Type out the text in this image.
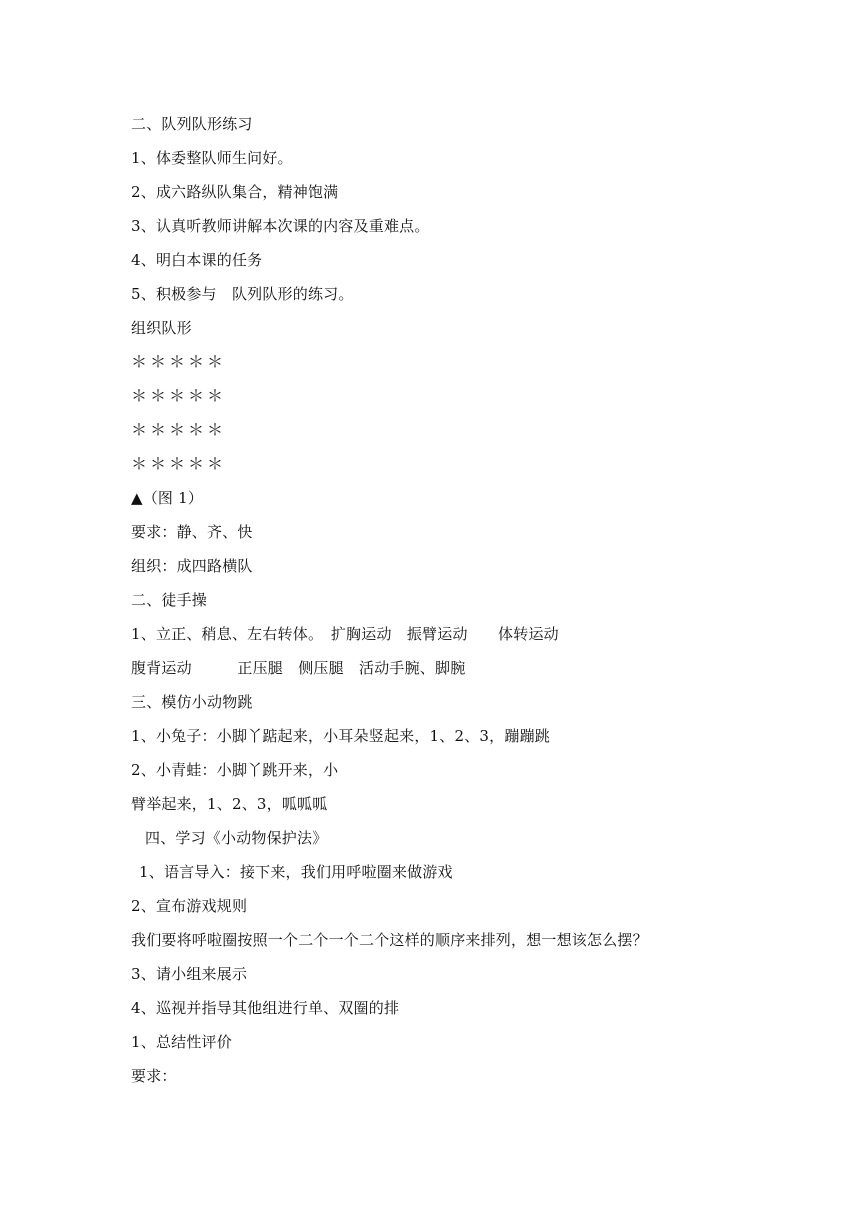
二、队列队形练习
1、体委整队师生问好。
2、成六路纵队集合，精神饱满
3、认真听教师讲解本次课的内容及重难点。
4、明白本课的任务
5、积极参与　队列队形的练习。
组织队形
＊＊＊＊＊
＊＊＊＊＊
＊＊＊＊＊
＊＊＊＊＊
▲（图 1）
要求：静、齐、快
组织：成四路横队
二、徒手操
1、立正、稍息、左右转体。　扩胸运动　振臂运动　　体转运动
腹背运动　　　正压腿　侧压腿　活动手腕、脚腕
三、模仿小动物跳
1、小兔子：小脚丫踮起来，小耳朵竖起来，1、2、3，蹦蹦跳
2、小青蛙：小脚丫跳开来，小
臂举起来，1、2、3，呱呱呱
四、学习《小动物保护法》
1、语言导入：接下来，我们用呼啦圈来做游戏
2、宣布游戏规则
我们要将呼啦圈按照一个二个一个二个这样的顺序来排列，想一想该怎么摆？
3、请小组来展示
4、巡视并指导其他组进行单、双圈的排
1、总结性评价
要求：
